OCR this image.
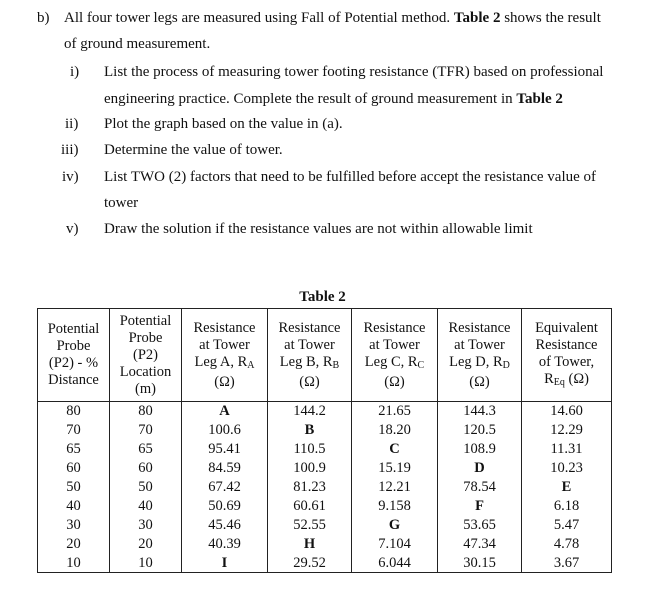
b) All four tower legs are measured using Fall of Potential method. Table 2 shows the result
of ground measurement.
i) List the process of measuring tower footing resistance (TFR) based on professional
engineering practice. Complete the result of ground measurement in Table 2
ii) Plot the graph based on the value in (a).
iii) Determine the value of tower.
iv) List TWO (2) factors that need to be fulfilled before accept the resistance value of
tower
v) Draw the solution if the resistance values are not within allowable limit
Table 2
Potential
Probe
(P2) - %
Distance	Potential
Probe
(P2)
Location
(m)	Resistance
at Tower
Leg A, $R_A$
(Ω)	Resistance
at Tower
Leg B, $R_B$
(Ω)	Resistance
at Tower
Leg C, $R_C$
(Ω)	Resistance
at Tower
Leg D, $R_D$
(Ω)	Equivalent
Resistance
of Tower,
$R_{Eq}$ (Ω)
80	80	A	144.2	21.65	144.3	14.60
70	70	100.6	B	18.20	120.5	12.29
65	65	95.41	110.5	C	108.9	11.31
60	60	84.59	100.9	15.19	D	10.23
50	50	67.42	81.23	12.21	78.54	E
40	40	50.69	60.61	9.158	F	6.18
30	30	45.46	52.55	G	53.65	5.47
20	20	40.39	H	7.104	47.34	4.78
10	10	I	29.52	6.044	30.15	3.67
